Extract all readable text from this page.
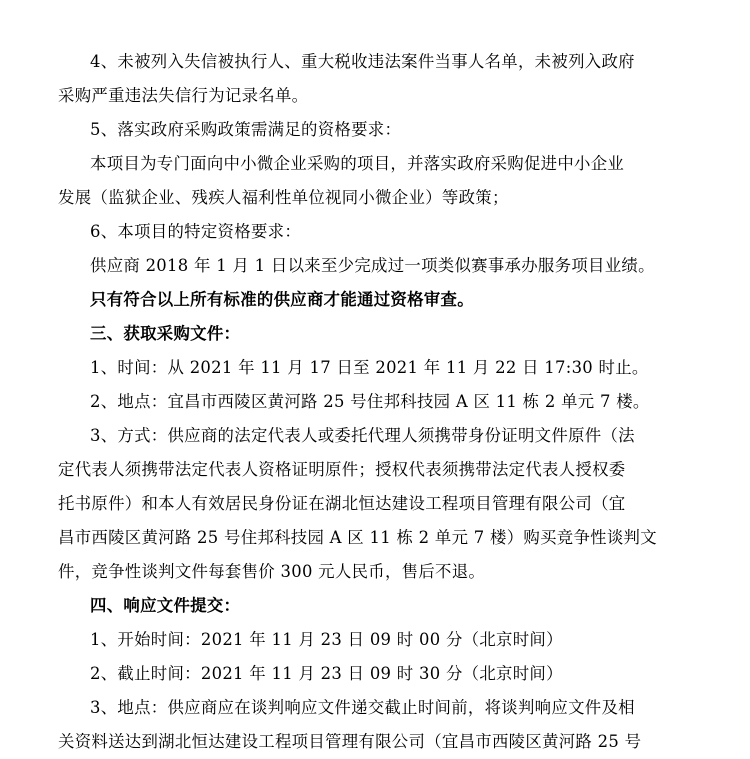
4、未被列入失信被执行人、重大税收违法案件当事人名单，未被列入政府
采购严重违法失信行为记录名单。
5、落实政府采购政策需满足的资格要求：
本项目为专门面向中小微企业采购的项目，并落实政府采购促进中小企业
发展（监狱企业、残疾人福利性单位视同小微企业）等政策；
6、本项目的特定资格要求：
供应商 2018 年 1 月 1 日以来至少完成过一项类似赛事承办服务项目业绩。
只有符合以上所有标准的供应商才能通过资格审查。
三、获取采购文件：
1、时间：从 2021 年 11 月 17 日至 2021 年 11 月 22 日 17:30 时止。
2、地点：宜昌市西陵区黄河路 25 号住邦科技园 A 区 11 栋 2 单元 7 楼。
3、方式：供应商的法定代表人或委托代理人须携带身份证明文件原件（法
定代表人须携带法定代表人资格证明原件；授权代表须携带法定代表人授权委
托书原件）和本人有效居民身份证在湖北恒达建设工程项目管理有限公司（宜
昌市西陵区黄河路 25 号住邦科技园 A 区 11 栋 2 单元 7 楼）购买竞争性谈判文
件，竞争性谈判文件每套售价 300 元人民币，售后不退。
四、响应文件提交：
1、开始时间：2021 年 11 月 23 日 09 时 00 分（北京时间）
2、截止时间：2021 年 11 月 23 日 09 时 30 分（北京时间）
3、地点：供应商应在谈判响应文件递交截止时间前，将谈判响应文件及相
关资料送达到湖北恒达建设工程项目管理有限公司（宜昌市西陵区黄河路 25 号
